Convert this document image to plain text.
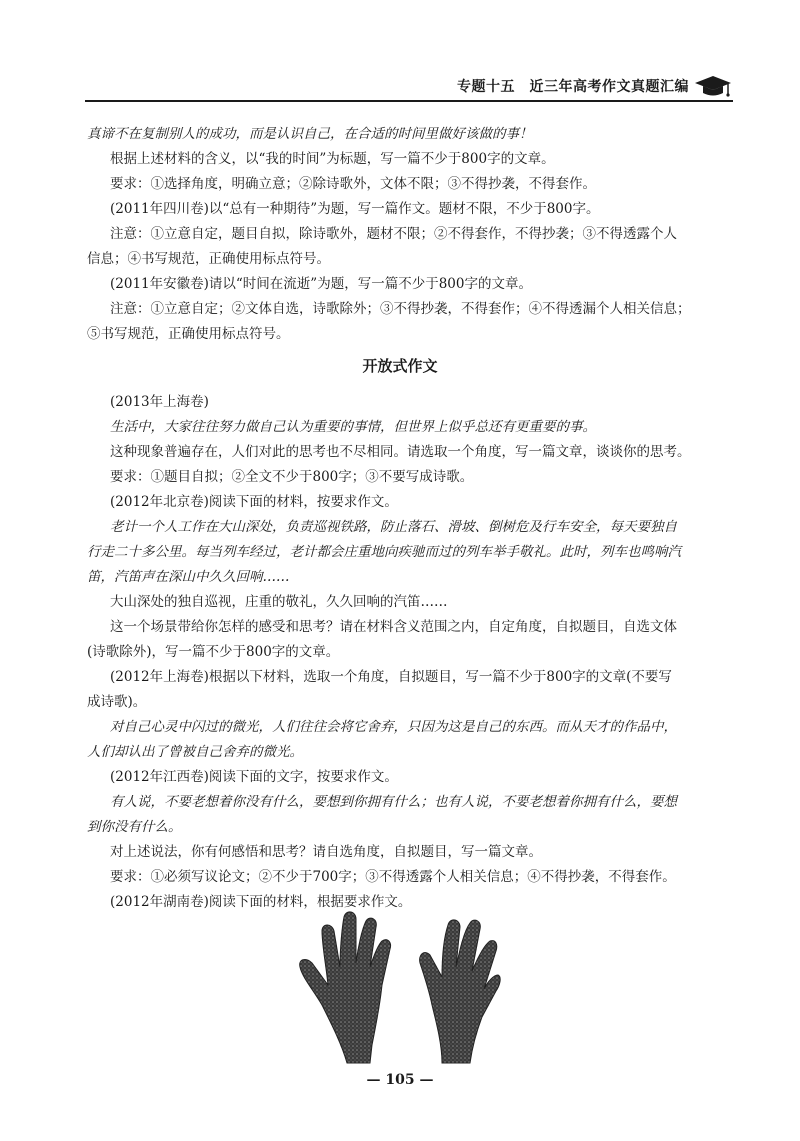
专题十五　近三年高考作文真题汇编
真谛不在复制别人的成功，而是认识自己，在合适的时间里做好该做的事！
根据上述材料的含义，以“我的时间”为标题，写一篇不少于800字的文章。
要求：①选择角度，明确立意；②除诗歌外，文体不限；③不得抄袭，不得套作。
(2011年四川卷)以“总有一种期待”为题，写一篇作文。题材不限，不少于800字。
注意：①立意自定，题目自拟，除诗歌外，题材不限；②不得套作，不得抄袭；③不得透露个人
信息；④书写规范，正确使用标点符号。
(2011年安徽卷)请以“时间在流逝”为题，写一篇不少于800字的文章。
注意：①立意自定；②文体自选，诗歌除外；③不得抄袭，不得套作；④不得透漏个人相关信息；
⑤书写规范，正确使用标点符号。
开放式作文
(2013年上海卷)
生活中，大家往往努力做自己认为重要的事情，但世界上似乎总还有更重要的事。
这种现象普遍存在，人们对此的思考也不尽相同。请选取一个角度，写一篇文章，谈谈你的思考。
要求：①题目自拟；②全文不少于800字；③不要写成诗歌。
(2012年北京卷)阅读下面的材料，按要求作文。
老计一个人工作在大山深处，负责巡视铁路，防止落石、滑坡、倒树危及行车安全，每天要独自
行走二十多公里。每当列车经过，老计都会庄重地向疾驰而过的列车举手敬礼。此时，列车也鸣响汽
笛，汽笛声在深山中久久回响……
大山深处的独自巡视，庄重的敬礼，久久回响的汽笛……
这一个场景带给你怎样的感受和思考？请在材料含义范围之内，自定角度，自拟题目，自选文体
(诗歌除外)，写一篇不少于800字的文章。
(2012年上海卷)根据以下材料，选取一个角度，自拟题目，写一篇不少于800字的文章(不要写
成诗歌)。
对自己心灵中闪过的微光，人们往往会将它舍弃，只因为这是自己的东西。而从天才的作品中，
人们却认出了曾被自己舍弃的微光。
(2012年江西卷)阅读下面的文字，按要求作文。
有人说，不要老想着你没有什么，要想到你拥有什么；也有人说，不要老想着你拥有什么，要想
到你没有什么。
对上述说法，你有何感悟和思考？请自选角度，自拟题目，写一篇文章。
要求：①必须写议论文；②不少于700字；③不得透露个人相关信息；④不得抄袭，不得套作。
(2012年湖南卷)阅读下面的材料，根据要求作文。
— 105 —
